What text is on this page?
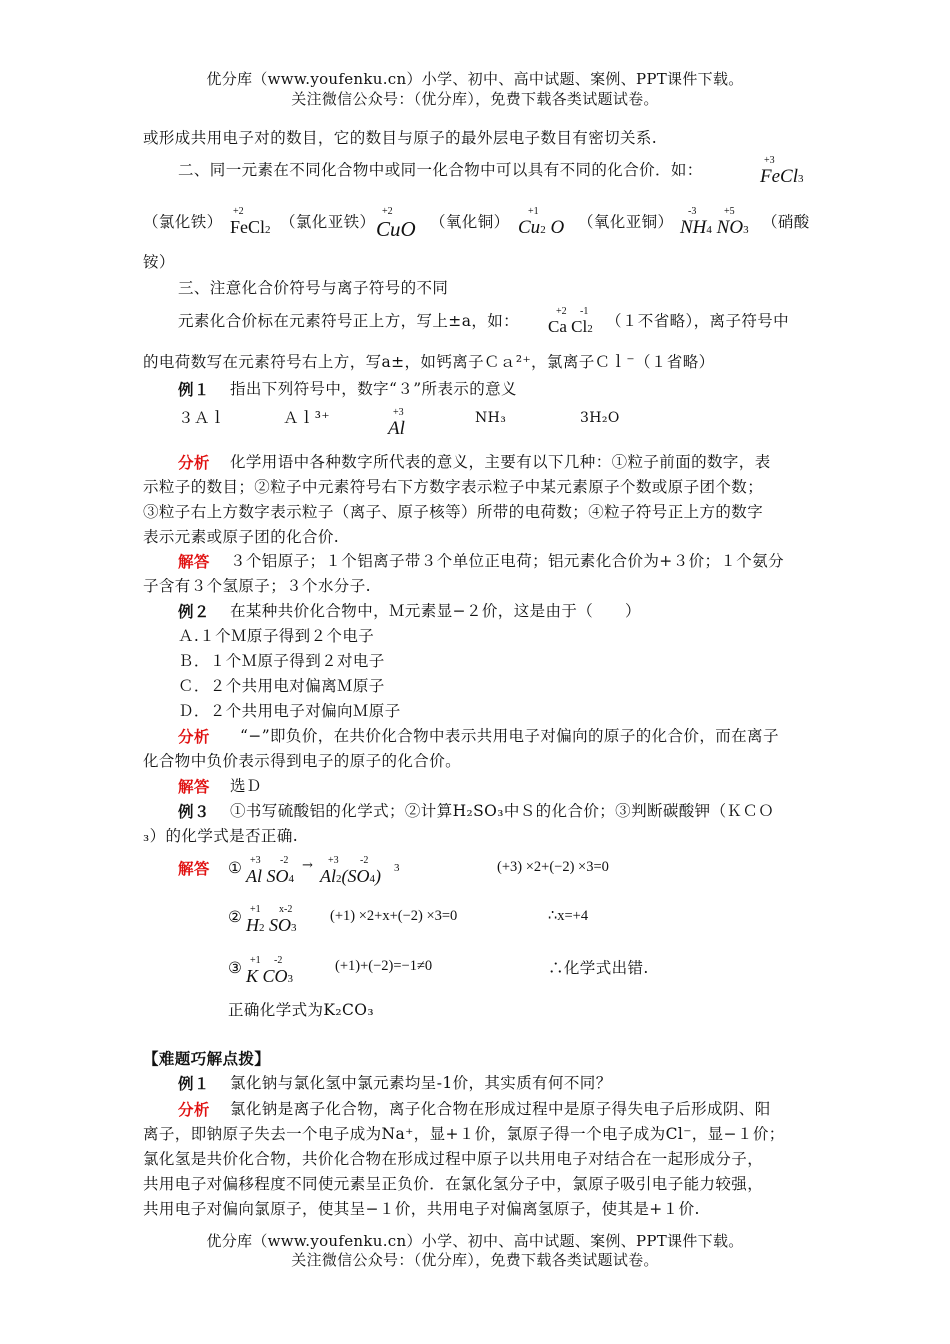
优分库（www.youfenku.cn）小学、初中、高中试题、案例、PPT课件下载。
关注微信公众号：（优分库），免费下载各类试题试卷。
或形成共用电子对的数目，它的数目与原子的最外层电子数目有密切关系.
二、同一元素在不同化合物中或同一化合物中可以具有不同的化合价．如：
+3
FeCl3
（氯化铁）
+2
FeCl2 （氯化亚铁）
+2
CuO （氧化铜）
+1
Cu2 O （氧化亚铜）
-3	+5
NH4 NO3 （硝酸
铵）
三、注意化合价符号与离子符号的不同
元素化合价标在元素符号正上方，写上±a，如：
+2 -1
Ca Cl2 （１不省略），离子符号中
的电荷数写在元素符号右上方，写a±，如钙离子Ｃａ²⁺，氯离子Ｃｌ⁻（１省略）
例１ 指出下列符号中，数字“３”所表示的意义
３Ａｌ	Ａｌ³⁺	+3
Al	NH₃	3H₂O
分析 化学用语中各种数字所代表的意义，主要有以下几种：①粒子前面的数字，表
示粒子的数目；②粒子中元素符号右下方数字表示粒子中某元素原子个数或原子团个数；
③粒子右上方数字表示粒子（离子、原子核等）所带的电荷数；④粒子符号正上方的数字
表示元素或原子团的化合价.
解答 ３个铝原子；１个铝离子带３个单位正电荷；铝元素化合价为+３价；１个氨分
子含有３个氢原子；３个水分子.
例２ 在某种共价化合物中，Ｍ元素显−２价，这是由于（　　）
Ａ.１个Ｍ原子得到２个电子
Ｂ．１个Ｍ原子得到２对电子
Ｃ．２个共用电对偏离Ｍ原子
Ｄ．２个共用电子对偏向Ｍ原子
分析 “−”即负价，在共价化合物中表示共用电子对偏向的原子的化合价，而在离子
化合物中负价表示得到电子的原子的化合价。
解答 选Ｄ
例３ ①书写硫酸铝的化学式；②计算H₂SO₃中Ｓ的化合价；③判断碳酸钾（ＫＣＯ
₃）的化学式是否正确.
解答 ① +3 -2
Al SO4
→ +3 -2
Al2(SO4) 3	(+3) ×2+(−2) ×3=0
② +1 x-2
H2 SO3
(+1) ×2+x+(−2) ×3=0	∴x=+4
③ +1 -2
K CO3
(+1)+(−2)=−1≠0	∴化学式出错.
正确化学式为K₂CO₃
【难题巧解点拨】
例１ 氯化钠与氯化氢中氯元素均呈-1价，其实质有何不同？
分析 氯化钠是离子化合物，离子化合物在形成过程中是原子得失电子后形成阴、阳
离子，即钠原子失去一个电子成为Na⁺，显+１价，氯原子得一个电子成为Cl⁻，显−１价；
氯化氢是共价化合物，共价化合物在形成过程中原子以共用电子对结合在一起形成分子，
共用电子对偏移程度不同使元素呈正负价．在氯化氢分子中，氯原子吸引电子能力较强，
共用电子对偏向氯原子，使其呈−１价，共用电子对偏离氢原子，使其是+１价.
优分库（www.youfenku.cn）小学、初中、高中试题、案例、PPT课件下载。
关注微信公众号：（优分库），免费下载各类试题试卷。
